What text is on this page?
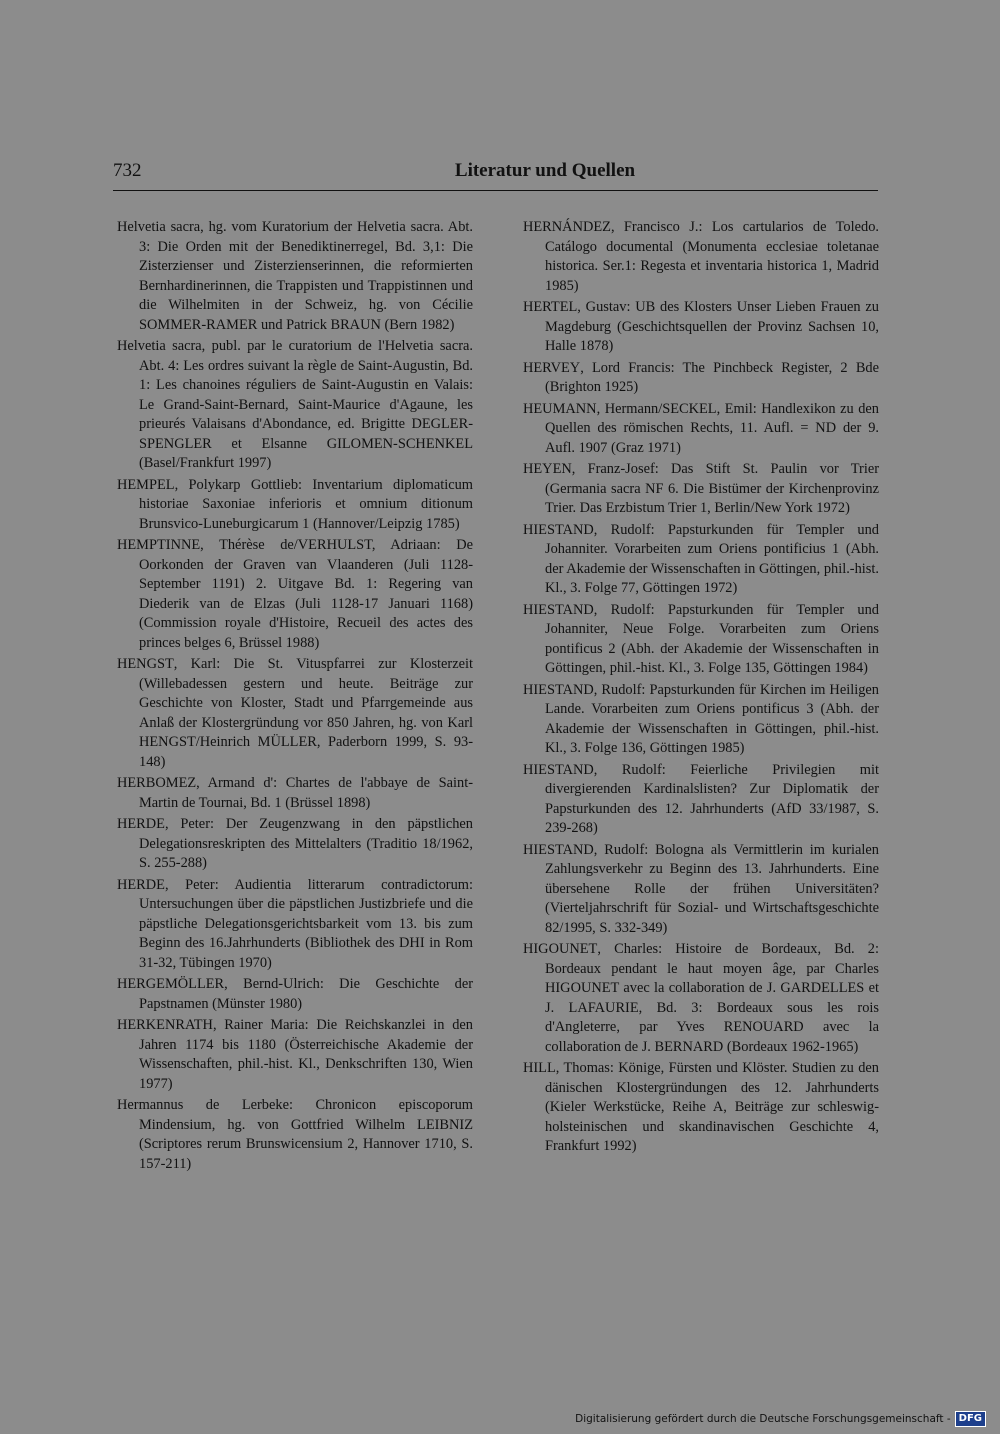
732	Literatur und Quellen

Helvetia sacra, hg. vom Kuratorium der Helvetia sacra. Abt. 3: Die Orden mit der Benediktinerregel, Bd. 3,1: Die Zisterzienser und Zisterzienserinnen, die reformierten Bernhardinerinnen, die Trappisten und Trappistinnen und die Wilhelmiten in der Schweiz, hg. von Cécilie SOMMER-RAMER und Patrick BRAUN (Bern 1982)

Helvetia sacra, publ. par le curatorium de l'Helvetia sacra. Abt. 4: Les ordres suivant la règle de Saint-Augustin, Bd. 1: Les chanoines réguliers de Saint-Augustin en Valais: Le Grand-Saint-Bernard, Saint-Maurice d'Agaune, les prieurés Valaisans d'Abondance, ed. Brigitte DEGLER-SPENGLER et Elsanne GILOMEN-SCHENKEL (Basel/Frankfurt 1997)

HEMPEL, Polykarp Gottlieb: Inventarium diplomaticum historiae Saxoniae inferioris et omnium ditionum Brunsvico-Luneburgicarum 1 (Hannover/Leipzig 1785)

HEMPTINNE, Thérèse de/VERHULST, Adriaan: De Oorkonden der Graven van Vlaanderen (Juli 1128-September 1191) 2. Uitgave Bd. 1: Regering van Diederik van de Elzas (Juli 1128-17 Januari 1168) (Commission royale d'Histoire, Recueil des actes des princes belges 6, Brüssel 1988)

HENGST, Karl: Die St. Vituspfarrei zur Klosterzeit (Willebadessen gestern und heute. Beiträge zur Geschichte von Kloster, Stadt und Pfarrgemeinde aus Anlaß der Klostergründung vor 850 Jahren, hg. von Karl HENGST/Heinrich MÜLLER, Paderborn 1999, S. 93-148)

HERBOMEZ, Armand d': Chartes de l'abbaye de Saint-Martin de Tournai, Bd. 1 (Brüssel 1898)

HERDE, Peter: Der Zeugenzwang in den päpstlichen Delegationsreskripten des Mittelalters (Traditio 18/1962, S. 255-288)

HERDE, Peter: Audientia litterarum contradictorum: Untersuchungen über die päpstlichen Justizbriefe und die päpstliche Delegationsgerichtsbarkeit vom 13. bis zum Beginn des 16.Jahrhunderts (Bibliothek des DHI in Rom 31-32, Tübingen 1970)

HERGEMÖLLER, Bernd-Ulrich: Die Geschichte der Papstnamen (Münster 1980)

HERKENRATH, Rainer Maria: Die Reichskanzlei in den Jahren 1174 bis 1180 (Österreichische Akademie der Wissenschaften, phil.-hist. Kl., Denkschriften 130, Wien 1977)

Hermannus de Lerbeke: Chronicon episcoporum Mindensium, hg. von Gottfried Wilhelm LEIBNIZ (Scriptores rerum Brunswicensium 2, Hannover 1710, S. 157-211)

HERNÁNDEZ, Francisco J.: Los cartularios de Toledo. Catálogo documental (Monumenta ecclesiae toletanae historica. Ser.1: Regesta et inventaria historica 1, Madrid 1985)

HERTEL, Gustav: UB des Klosters Unser Lieben Frauen zu Magdeburg (Geschichtsquellen der Provinz Sachsen 10, Halle 1878)

HERVEY, Lord Francis: The Pinchbeck Register, 2 Bde (Brighton 1925)

HEUMANN, Hermann/SECKEL, Emil: Handlexikon zu den Quellen des römischen Rechts, 11. Aufl. = ND der 9. Aufl. 1907 (Graz 1971)

HEYEN, Franz-Josef: Das Stift St. Paulin vor Trier (Germania sacra NF 6. Die Bistümer der Kirchenprovinz Trier. Das Erzbistum Trier 1, Berlin/New York 1972)

HIESTAND, Rudolf: Papsturkunden für Templer und Johanniter. Vorarbeiten zum Oriens pontificius 1 (Abh. der Akademie der Wissenschaften in Göttingen, phil.-hist. Kl., 3. Folge 77, Göttingen 1972)

HIESTAND, Rudolf: Papsturkunden für Templer und Johanniter, Neue Folge. Vorarbeiten zum Oriens pontificus 2 (Abh. der Akademie der Wissenschaften in Göttingen, phil.-hist. Kl., 3. Folge 135, Göttingen 1984)

HIESTAND, Rudolf: Papsturkunden für Kirchen im Heiligen Lande. Vorarbeiten zum Oriens pontificus 3 (Abh. der Akademie der Wissenschaften in Göttingen, phil.-hist. Kl., 3. Folge 136, Göttingen 1985)

HIESTAND, Rudolf: Feierliche Privilegien mit divergierenden Kardinalslisten? Zur Diplomatik der Papsturkunden des 12. Jahrhunderts (AfD 33/1987, S. 239-268)

HIESTAND, Rudolf: Bologna als Vermittlerin im kurialen Zahlungsverkehr zu Beginn des 13. Jahrhunderts. Eine übersehene Rolle der frühen Universitäten? (Vierteljahrschrift für Sozial- und Wirtschaftsgeschichte 82/1995, S. 332-349)

HIGOUNET, Charles: Histoire de Bordeaux, Bd. 2: Bordeaux pendant le haut moyen âge, par Charles HIGOUNET avec la collaboration de J. GARDELLES et J. LAFAURIE, Bd. 3: Bordeaux sous les rois d'Angleterre, par Yves RENOUARD avec la collaboration de J. BERNARD (Bordeaux 1962-1965)

HILL, Thomas: Könige, Fürsten und Klöster. Studien zu den dänischen Klostergründungen des 12. Jahrhunderts (Kieler Werkstücke, Reihe A, Beiträge zur schleswig-holsteinischen und skandinavischen Geschichte 4, Frankfurt 1992)

Digitalisierung gefördert durch die Deutsche Forschungsgemeinschaft - DFG
